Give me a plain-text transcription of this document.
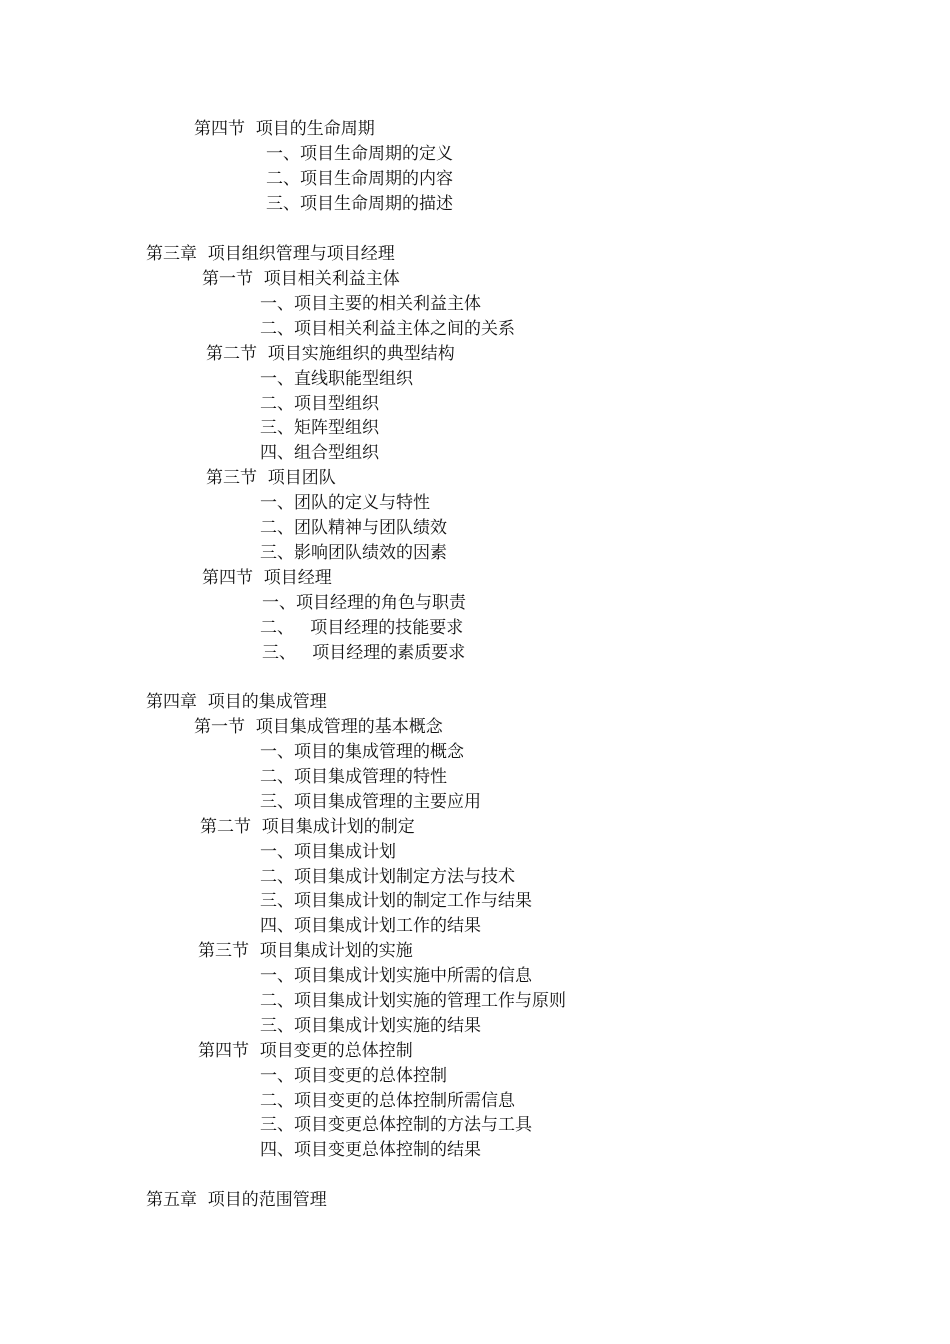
第四节  项目的生命周期
一、项目生命周期的定义
二、项目生命周期的内容
三、项目生命周期的描述
第三章  项目组织管理与项目经理
第一节  项目相关利益主体
一、项目主要的相关利益主体
二、项目相关利益主体之间的关系
第二节  项目实施组织的典型结构
一、直线职能型组织
二、项目型组织
三、矩阵型组织
四、组合型组织
第三节  项目团队
一、团队的定义与特性
二、团队精神与团队绩效
三、影响团队绩效的因素
第四节  项目经理
一、项目经理的角色与职责
二、   项目经理的技能要求
三、   项目经理的素质要求
第四章  项目的集成管理
第一节  项目集成管理的基本概念
一、项目的集成管理的概念
二、项目集成管理的特性
三、项目集成管理的主要应用
第二节  项目集成计划的制定
一、项目集成计划
二、项目集成计划制定方法与技术
三、项目集成计划的制定工作与结果
四、项目集成计划工作的结果
第三节  项目集成计划的实施
一、项目集成计划实施中所需的信息
二、项目集成计划实施的管理工作与原则
三、项目集成计划实施的结果
第四节  项目变更的总体控制
一、项目变更的总体控制
二、项目变更的总体控制所需信息
三、项目变更总体控制的方法与工具
四、项目变更总体控制的结果
第五章  项目的范围管理
